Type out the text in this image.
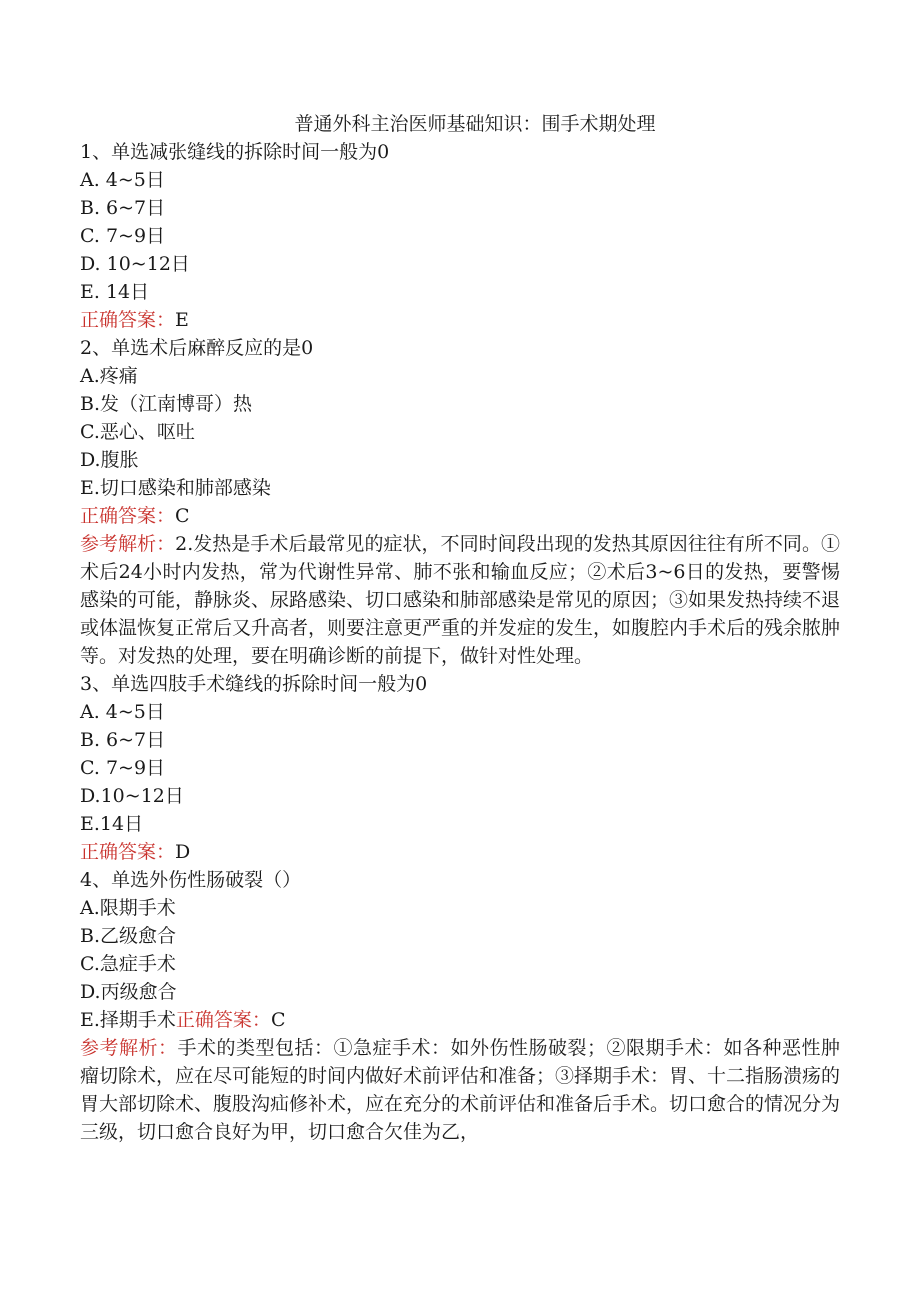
普通外科主治医师基础知识：围手术期处理

1、单选减张缝线的拆除时间一般为0

A. 4~5日

B. 6~7日

C. 7~9日

D. 10~12日

E. 14日

正确答案：E

2、单选术后麻醉反应的是0

A.疼痛

B.发（江南博哥）热

C.恶心、呕吐

D.腹胀

E.切口感染和肺部感染

正确答案：C

参考解析：2.发热是手术后最常见的症状，不同时间段出现的发热其原因往往有所不同。①术后24小时内发热，常为代谢性异常、肺不张和输血反应；②术后3~6日的发热，要警惕感染的可能，静脉炎、尿路感染、切口感染和肺部感染是常见的原因；③如果发热持续不退或体温恢复正常后又升高者，则要注意更严重的并发症的发生，如腹腔内手术后的残余脓肿等。对发热的处理，要在明确诊断的前提下，做针对性处理。

3、单选四肢手术缝线的拆除时间一般为0

A. 4~5日

B. 6~7日

C. 7~9日

D.10~12日

E.14日

正确答案：D

4、单选外伤性肠破裂（）

A.限期手术

B.乙级愈合

C.急症手术

D.丙级愈合

E.择期手术正确答案：C

参考解析：手术的类型包括：①急症手术：如外伤性肠破裂；②限期手术：如各种恶性肿瘤切除术，应在尽可能短的时间内做好术前评估和准备；③择期手术：胃、十二指肠溃疡的胃大部切除术、腹股沟疝修补术，应在充分的术前评估和准备后手术。切口愈合的情况分为三级，切口愈合良好为甲，切口愈合欠佳为乙，
